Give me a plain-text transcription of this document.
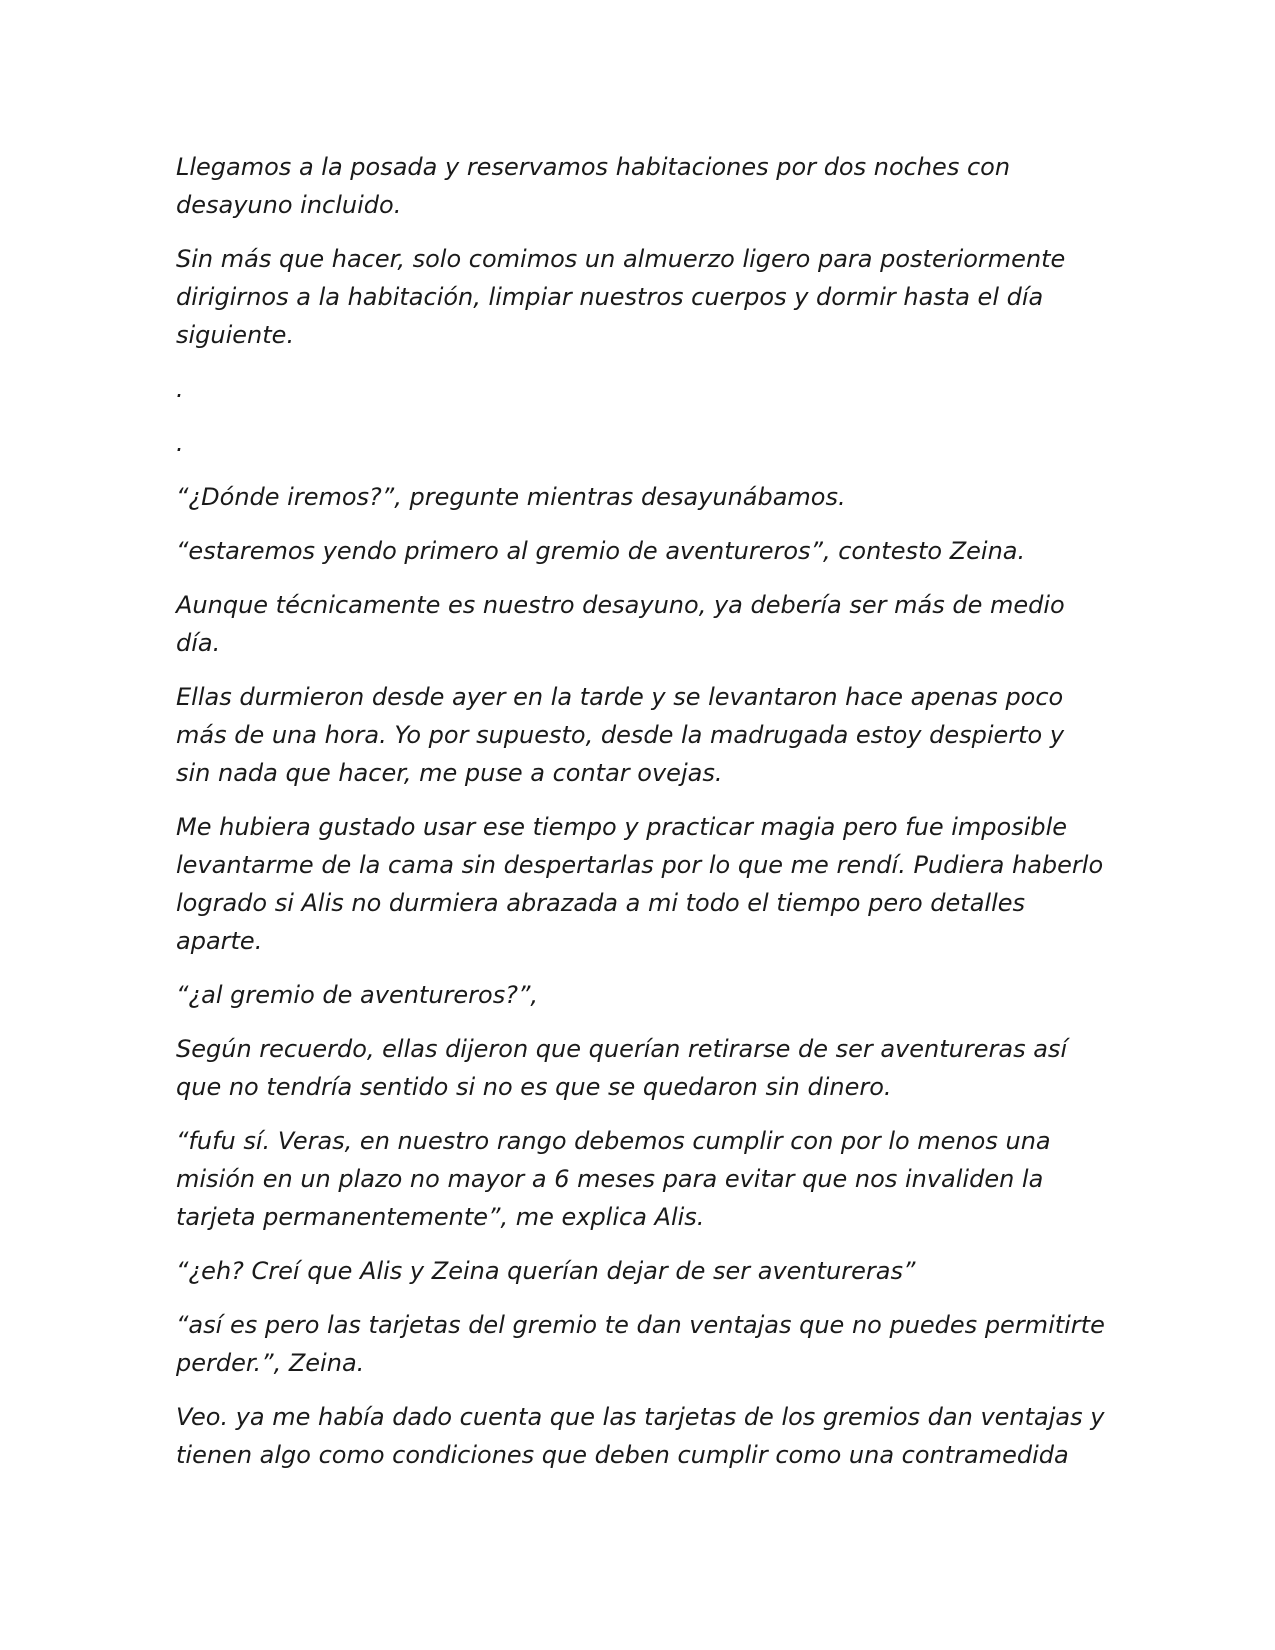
Llegamos a la posada y reservamos habitaciones por dos noches con desayuno incluido.

Sin más que hacer, solo comimos un almuerzo ligero para posteriormente dirigirnos a la habitación, limpiar nuestros cuerpos y dormir hasta el día siguiente.

.

.

“¿Dónde iremos?”, pregunte mientras desayunábamos.

“estaremos yendo primero al gremio de aventureros”, contesto Zeina.

Aunque técnicamente es nuestro desayuno, ya debería ser más de medio día.

Ellas durmieron desde ayer en la tarde y se levantaron hace apenas poco más de una hora. Yo por supuesto, desde la madrugada estoy despierto y sin nada que hacer, me puse a contar ovejas.

Me hubiera gustado usar ese tiempo y practicar magia pero fue imposible levantarme de la cama sin despertarlas por lo que me rendí. Pudiera haberlo logrado si Alis no durmiera abrazada a mi todo el tiempo pero detalles aparte.

“¿al gremio de aventureros?”,

Según recuerdo, ellas dijeron que querían retirarse de ser aventureras así que no tendría sentido si no es que se quedaron sin dinero.

“fufu sí. Veras, en nuestro rango debemos cumplir con por lo menos una misión en un plazo no mayor a 6 meses para evitar que nos invaliden la tarjeta permanentemente”, me explica Alis.

“¿eh? Creí que Alis y Zeina querían dejar de ser aventureras”

“así es pero las tarjetas del gremio te dan ventajas que no puedes permitirte perder.”, Zeina.

Veo. ya me había dado cuenta que las tarjetas de los gremios dan ventajas y tienen algo como condiciones que deben cumplir como una contramedida
